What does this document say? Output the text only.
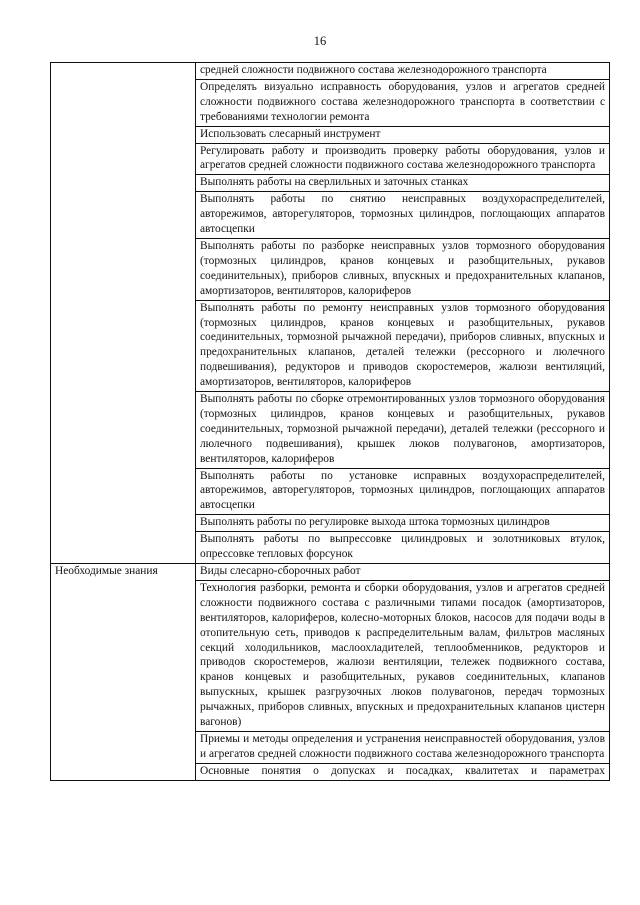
16
	средней сложности подвижного состава железнодорожного транспорта
	Определять визуально исправность оборудования, узлов и агрегатов средней сложности подвижного состава железнодорожного транспорта в соответствии с требованиями технологии ремонта
	Использовать слесарный инструмент
	Регулировать работу и производить проверку работы оборудования, узлов и агрегатов средней сложности подвижного состава железнодорожного транспорта
	Выполнять работы на сверлильных и заточных станках
	Выполнять работы по снятию неисправных воздухораспределителей, авторежимов, авторегуляторов, тормозных цилиндров, поглощающих аппаратов автосцепки
	Выполнять работы по разборке неисправных узлов тормозного оборудования (тормозных цилиндров, кранов концевых и разобщительных, рукавов соединительных), приборов сливных, впускных и предохранительных клапанов, амортизаторов, вентиляторов, калориферов
	Выполнять работы по ремонту неисправных узлов тормозного оборудования (тормозных цилиндров, кранов концевых и разобщительных, рукавов соединительных, тормозной рычажной передачи), приборов сливных, впускных и предохранительных клапанов, деталей тележки (рессорного и люлечного подвешивания), редукторов и приводов скоростемеров, жалюзи вентиляций, амортизаторов, вентиляторов, калориферов
	Выполнять работы по сборке отремонтированных узлов тормозного оборудования (тормозных цилиндров, кранов концевых и разобщительных, рукавов соединительных, тормозной рычажной передачи), деталей тележки (рессорного и люлечного подвешивания), крышек люков полувагонов, амортизаторов, вентиляторов, калориферов
	Выполнять работы по установке исправных воздухораспределителей, авторежимов, авторегуляторов, тормозных цилиндров, поглощающих аппаратов автосцепки
	Выполнять работы по регулировке выхода штока тормозных цилиндров
	Выполнять работы по выпрессовке цилиндровых и золотниковых втулок, опрессовке тепловых форсунок
Необходимые знания	Виды слесарно-сборочных работ
	Технология разборки, ремонта и сборки оборудования, узлов и агрегатов средней сложности подвижного состава с различными типами посадок (амортизаторов, вентиляторов, калориферов, колесно-моторных блоков, насосов для подачи воды в отопительную сеть, приводов к распределительным валам, фильтров масляных секций холодильников, маслоохладителей, теплообменников, редукторов и приводов скоростемеров, жалюзи вентиляции, тележек подвижного состава, кранов концевых и разобщительных, рукавов соединительных, клапанов выпускных, крышек разгрузочных люков полувагонов, передач тормозных рычажных, приборов сливных, впускных и предохранительных клапанов цистерн вагонов)
	Приемы и методы определения и устранения неисправностей оборудования, узлов и агрегатов средней сложности подвижного состава железнодорожного транспорта
	Основные понятия о допусках и посадках, квалитетах и параметрах
